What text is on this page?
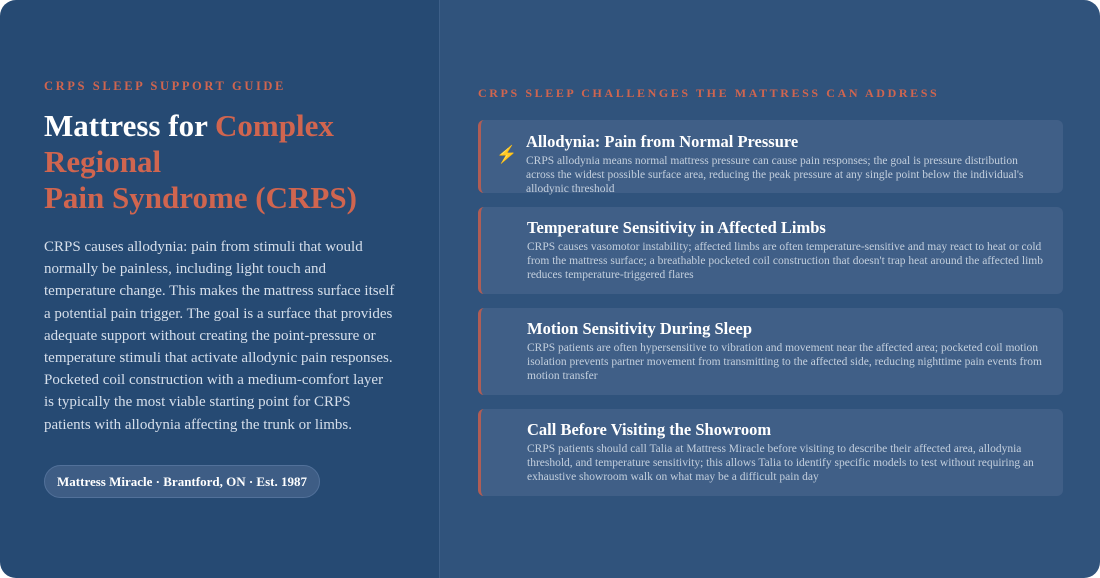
CRPS SLEEP SUPPORT GUIDE
Mattress for Complex Regional
Pain Syndrome (CRPS)

CRPS causes allodynia: pain from stimuli that would normally be painless, including light touch and temperature change. This makes the mattress surface itself a potential pain trigger. The goal is a surface that provides adequate support without creating the point-pressure or temperature stimuli that activate allodynic pain responses. Pocketed coil construction with a medium-comfort layer is typically the most viable starting point for CRPS patients with allodynia affecting the trunk or limbs.

Mattress Miracle · Brantford, ON · Est. 1987
CRPS SLEEP CHALLENGES THE MATTRESS CAN ADDRESS
⚡
Allodynia: Pain from Normal Pressure

CRPS allodynia means normal mattress pressure can cause pain responses; the goal is pressure distribution across the widest possible surface area, reducing the peak pressure at any single point below the individual's allodynic threshold

Temperature Sensitivity in Affected Limbs

CRPS causes vasomotor instability; affected limbs are often temperature-sensitive and may react to heat or cold from the mattress surface; a breathable pocketed coil construction that doesn't trap heat around the affected limb reduces temperature-triggered flares

Motion Sensitivity During Sleep

CRPS patients are often hypersensitive to vibration and movement near the affected area; pocketed coil motion isolation prevents partner movement from transmitting to the affected side, reducing nighttime pain events from motion transfer

Call Before Visiting the Showroom

CRPS patients should call Talia at Mattress Miracle before visiting to describe their affected area, allodynia threshold, and temperature sensitivity; this allows Talia to identify specific models to test without requiring an exhaustive showroom walk on what may be a difficult pain day
